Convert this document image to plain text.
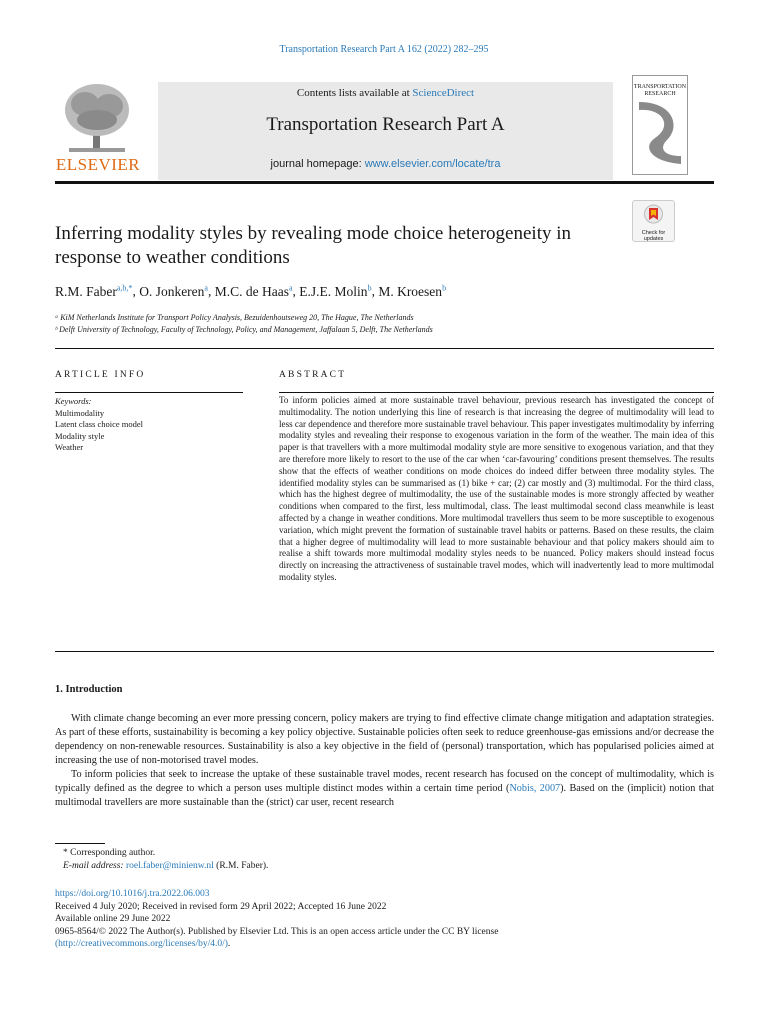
Transportation Research Part A 162 (2022) 282–295
ELSEVIER
Contents lists available at ScienceDirect
Transportation Research Part A
journal homepage: www.elsevier.com/locate/tra
TRANSPORTATION RESEARCH
Inferring modality styles by revealing mode choice heterogeneity in response to weather conditions
Check for updates
R.M. Faber$^{a,b,*}$, O. Jonkeren$^a$, M.C. de Haas$^a$, E.J.E. Molin$^b$, M. Kroesen$^b$
ᵃ KiM Netherlands Institute for Transport Policy Analysis, Bezuidenhoutseweg 20, The Hague, The Netherlands
ᵇ Delft University of Technology, Faculty of Technology, Policy, and Management, Jaffalaan 5, Delft, The Netherlands
ARTICLE INFO	ABSTRACT
Keywords:
Multimodality
Latent class choice model
Modality style
Weather
To inform policies aimed at more sustainable travel behaviour, previous research has investigated the concept of multimodality. The notion underlying this line of research is that increasing the degree of multimodality will lead to less car dependence and therefore more sustainable travel behaviour. This paper investigates multimodality by inferring modality styles and revealing their response to exogenous variation in the form of the weather. The main idea of this paper is that travellers with a more multimodal modality style are more sensitive to exogenous variation, and that they are therefore more likely to resort to the use of the car when ‘car-favouring’ conditions present themselves. The results show that the effects of weather conditions on mode choices do indeed differ between three modality styles. The identified modality styles can be summarised as (1) bike + car; (2) car mostly and (3) multimodal. For the third class, which has the highest degree of multimodality, the use of the sustainable modes is more strongly affected by weather conditions when compared to the first, less multimodal, class. The least multimodal second class meanwhile is least affected by a change in weather conditions. More multimodal travellers thus seem to be more susceptible to exogenous variation, which might prevent the formation of sustainable travel habits or patterns. Based on these results, the claim that a higher degree of multimodality will lead to more sustainable behaviour and that policy makers should aim to realise a shift towards more multimodal modality styles needs to be nuanced. Policy makers should instead focus directly on increasing the attractiveness of sustainable travel modes, which will inadvertently lead to more multimodal modality styles.
1. Introduction

With climate change becoming an ever more pressing concern, policy makers are trying to find effective climate change mitigation and adaptation strategies. As part of these efforts, sustainability is becoming a key policy objective. Sustainable policies often seek to reduce greenhouse-gas emissions and/or decrease the dependency on non-renewable resources. Sustainability is also a key objective in the field of (personal) transportation, which has popularised policies aimed at increasing the use of non-motorised travel modes.

To inform policies that seek to increase the uptake of these sustainable travel modes, recent research has focused on the concept of multimodality, which is typically defined as the degree to which a person uses multiple distinct modes within a certain time period (Nobis, 2007). Based on the (implicit) notion that multimodal travellers are more sustainable than the (strict) car user, recent research

* Corresponding author.
E-mail address: roel.faber@minienw.nl (R.M. Faber).
https://doi.org/10.1016/j.tra.2022.06.003
Received 4 July 2020; Received in revised form 29 April 2022; Accepted 16 June 2022
Available online 29 June 2022
0965-8564/© 2022 The Author(s). Published by Elsevier Ltd. This is an open access article under the CC BY license
(http://creativecommons.org/licenses/by/4.0/).
